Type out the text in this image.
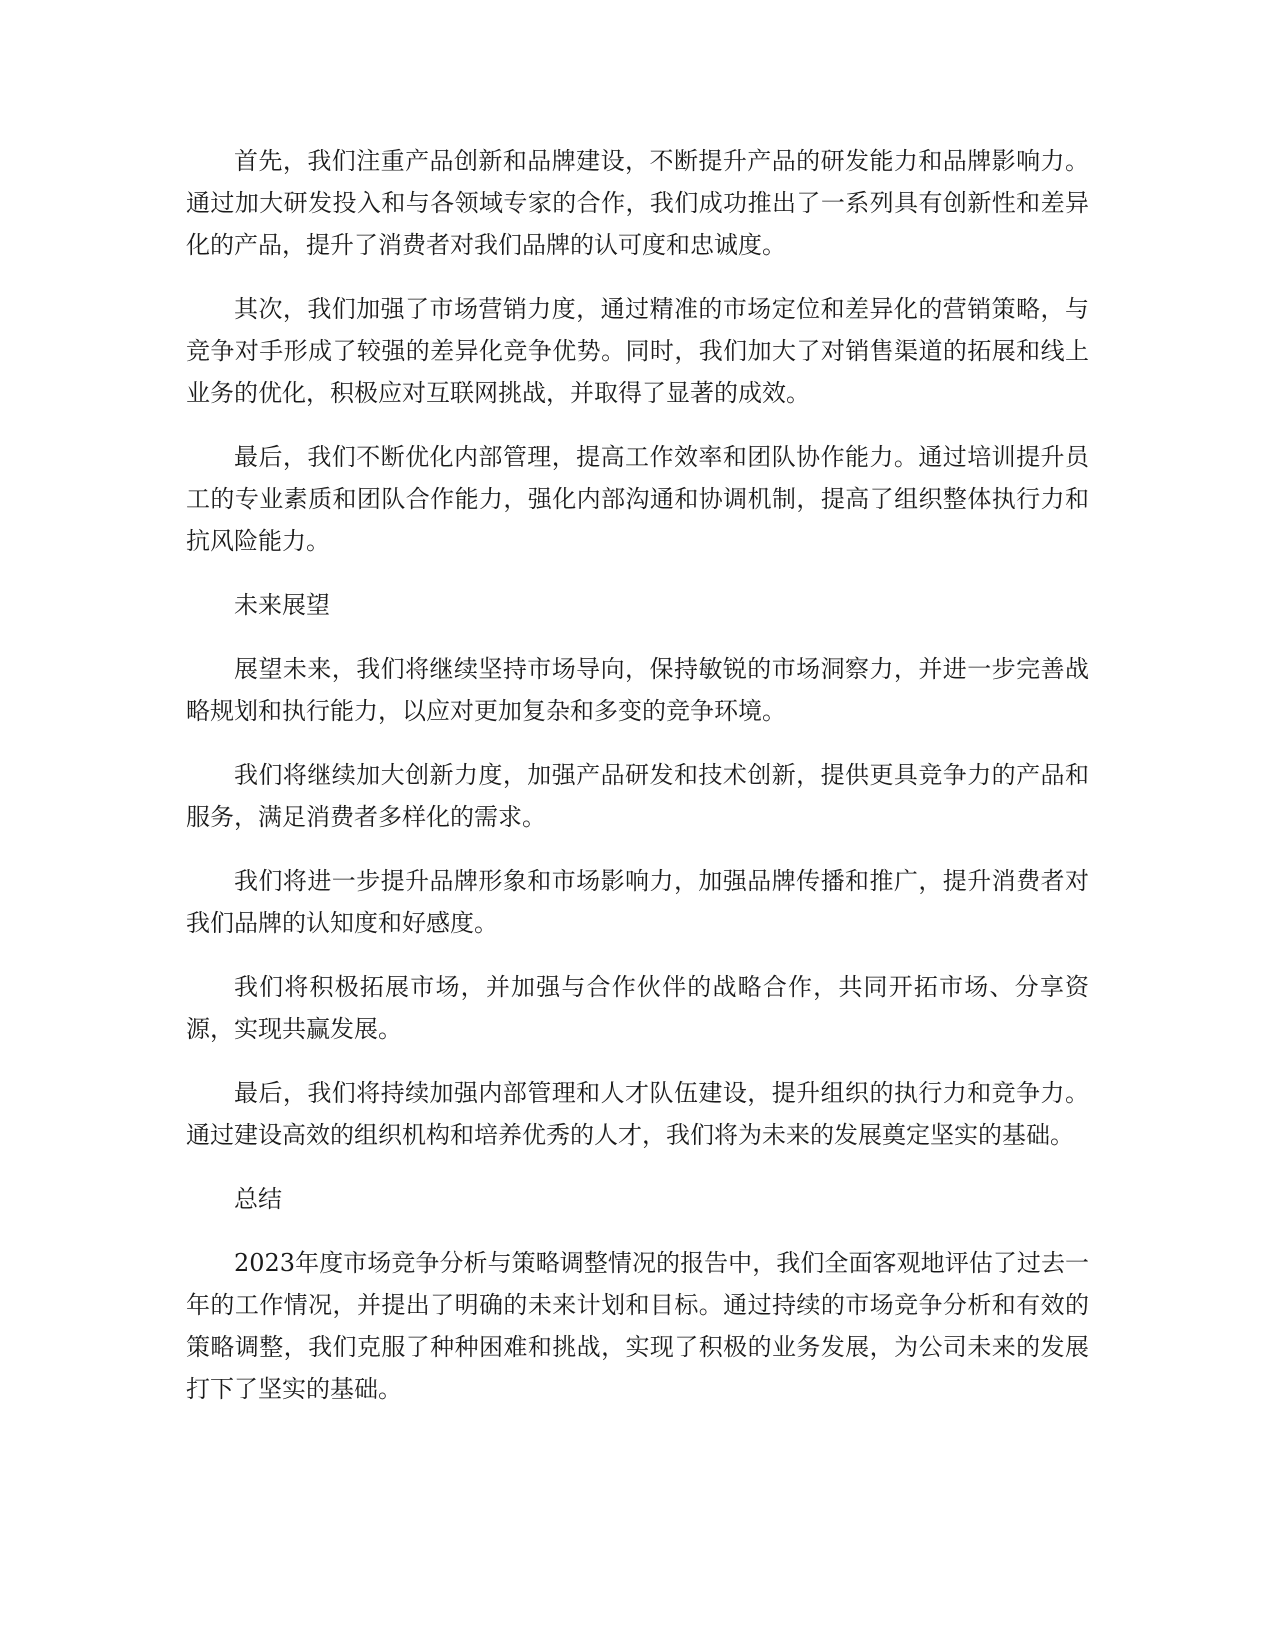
首先，我们注重产品创新和品牌建设，不断提升产品的研发能力和品牌影响力。通过加大研发投入和与各领域专家的合作，我们成功推出了一系列具有创新性和差异化的产品，提升了消费者对我们品牌的认可度和忠诚度。

其次，我们加强了市场营销力度，通过精准的市场定位和差异化的营销策略，与竞争对手形成了较强的差异化竞争优势。同时，我们加大了对销售渠道的拓展和线上业务的优化，积极应对互联网挑战，并取得了显著的成效。

最后，我们不断优化内部管理，提高工作效率和团队协作能力。通过培训提升员工的专业素质和团队合作能力，强化内部沟通和协调机制，提高了组织整体执行力和抗风险能力。

未来展望

展望未来，我们将继续坚持市场导向，保持敏锐的市场洞察力，并进一步完善战略规划和执行能力，以应对更加复杂和多变的竞争环境。

我们将继续加大创新力度，加强产品研发和技术创新，提供更具竞争力的产品和服务，满足消费者多样化的需求。

我们将进一步提升品牌形象和市场影响力，加强品牌传播和推广，提升消费者对我们品牌的认知度和好感度。

我们将积极拓展市场，并加强与合作伙伴的战略合作，共同开拓市场、分享资源，实现共赢发展。

最后，我们将持续加强内部管理和人才队伍建设，提升组织的执行力和竞争力。通过建设高效的组织机构和培养优秀的人才，我们将为未来的发展奠定坚实的基础。

总结

2023年度市场竞争分析与策略调整情况的报告中，我们全面客观地评估了过去一年的工作情况，并提出了明确的未来计划和目标。通过持续的市场竞争分析和有效的策略调整，我们克服了种种困难和挑战，实现了积极的业务发展，为公司未来的发展打下了坚实的基础。
